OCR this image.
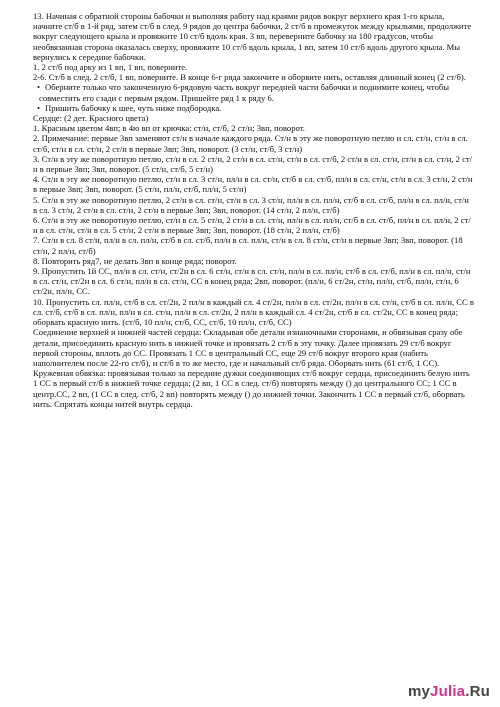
13. Начиная с обратной стороны бабочки и выполняя работу над краями рядов вокруг верхнего края 1-го крыла, начните ст/б в 1-й ряд, затем ст/б в след. 9 рядов до центра бабочки, 2 ст/б в промежуток между крыльями, продолжите вокруг следующего крыла и провяжите 10 ст/б вдоль края. 3 вп, переверните бабочку на 180 градусов, чтобы необвязанная сторона оказалась сверху, провяжите 10 ст/б вдоль крыла, 1 вп, затем 10 ст/б вдоль другого крыла. Мы вернулись к середине бабочки.

1. 2 ст/б под арку из 1 вп, 1 вп, поверните.

2-6. Ст/б в след. 2 ст/б, 1 вп, поверните. В конце 6-г ряда закончите и оборвите нить, оставляя длинный конец (2 ст/б).

• Оберните только что законченную 6-рядовую часть вокруг передней части бабочки и поднимите конец, чтобы совместить его сзади с первым рядом. Пришейте ряд 1 к ряду 6.

• Пришить бабочку к шее, чуть ниже подбородка.

Сердце: (2 дет. Красного цвета)

1. Красным цветом 4вп; в 4ю вп от крючка: ст/н, ст/б, 2 ст/н; 3вп, поворот.

2. Примечание: первые 3вп заменяют ст/н в начале каждого ряда. Ст/н в эту же поворотную петлю и сл. ст/н, ст/н в сл. ст/б, ст/н в сл. ст/н, 2 ст/н в первые 3вп; 3вп, поворот. (3 ст/н, ст/б, 3 ст/н)

3. Ст/н в эту же поворотную петлю, ст/н в сл. 2 ст/н, 2 ст/н в сл. ст/н, ст/н в сл. ст/б, 2 ст/н в сл. ст/н, ст/н в сл. ст/н, 2 ст/н в первые 3вп; 3вп, поворот. (5 ст/н, ст/б, 5 ст/н)

4. Ст/н в эту же поворотную петлю, ст/н в сл. 3 ст/н, пл/н в сл. ст/н, ст/б в сл. ст/б, пл/н в сл. ст/н, ст/н в сл. 3 ст/н, 2 ст/н в первые 3вп; 3вп, поворот. (5 ст/н, пл/н, ст/б, пл/н, 5 ст/н)

5. Ст/н в эту же поворотную петлю, 2 ст/н в сл. ст/н, ст/н в сл. 3 ст/н, пл/н в сл. пл/н, ст/б в сл. ст/б, пл/н в сл. пл/н, ст/н в сл. 3 ст/н, 2 ст/н в сл. ст/н, 2 ст/н в первые 3вп; 3вп, поворот. (14 ст/н, 2 пл/н, ст/б)

6. Ст/н в эту же поворотную петлю, ст/н в сл. 5 ст/н, 2 ст/н в сл. ст/н, пл/н в сл. пл/н, ст/б в сл. ст/б, пл/н в сл. пл/н, 2 ст/н в сл. ст/н, ст/н в сл. 5 ст/н, 2 ст/н в первые 3вп; 3вп, поворот. (18 ст/н, 2 пл/н, ст/б)

7. Ст/н в сл. 8 ст/н, пл/н в сл. пл/н, ст/б в сл. ст/б, пл/н в сл. пл/н, ст/н в сл. 8 ст/н, ст/н в первые 3вп; 3вп, поворот. (18 ст/н, 2 пл/н, ст/б)

8. Повторить ряд7, не делать 3вп в конце ряда; поворот.

9. Пропустить 1й СС, пл/н в сл. ст/н, ст/2н в сл. 6 ст/н, ст/н в сл. ст/н, пл/н в сл. пл/н, ст/б в сл. ст/б, пл/н в сл. пл/н, ст/н в сл. ст/н, ст/2н в сл. 6 ст/н, пл/н в сл. ст/н, СС в конец ряда; 2вп, поворот. (пл/н, 6 ст/2н, ст/н, пл/н, ст/б, пл/н, ст/н, 6 ст/2н, пл/н, СС.

10. Пропустить сл. пл/н, ст/б в сл. ст/2н, 2 пл/н в каждый сл. 4 ст/2н, пл/н в сл. ст/2н, пл/н в сл. ст/н, ст/б в сл. пл/н, СС в сл. ст/б, ст/б в сл. пл/н, пл/н в сл. ст/н, пл/н в сл. ст/2н, 2 пл/н в каждый сл. 4 ст/2н, ст/б в сл. ст/2н, СС в конец ряда; оборвать красную нить. (ст/б, 10 пл/н, ст/б, СС, ст/б, 10 пл/н, ст/б, СС)

Соединение верхней и нижней частей сердца: Складывая обе детали изнаночными сторонами, и обвязывая сразу обе детали, присоединить красную нить в нижней точке и провязать 2 ст/б в эту точку. Далее провязать 29 ст/б вокруг первой стороны, вплоть до СС. Провязать 1 СС в центральный СС, еще 29 ст/б вокруг второго края (набить наполнителем после 22-го ст/б), и ст/б в то же место, где и начальный ст/б ряда. Оборвать нить (61 ст/б, 1 СС).

Кружевная обвязка: провязывая только за передние дужки соединяющих ст/б вокруг сердца, присоединить белую нить 1 СС в первый ст/б в нижней точке сердца; (2 вп, 1 СС в след. ст/б) повторять между () до центрального СС; 1 СС в центр.СС, 2 вп, (1 СС в след. ст/б, 2 вп) повторять между () до нижней точки. Закончить 1 СС в первый ст/б, оборвать нить. Спрятать концы нитей внутрь сердца.

myJulia.Ru
